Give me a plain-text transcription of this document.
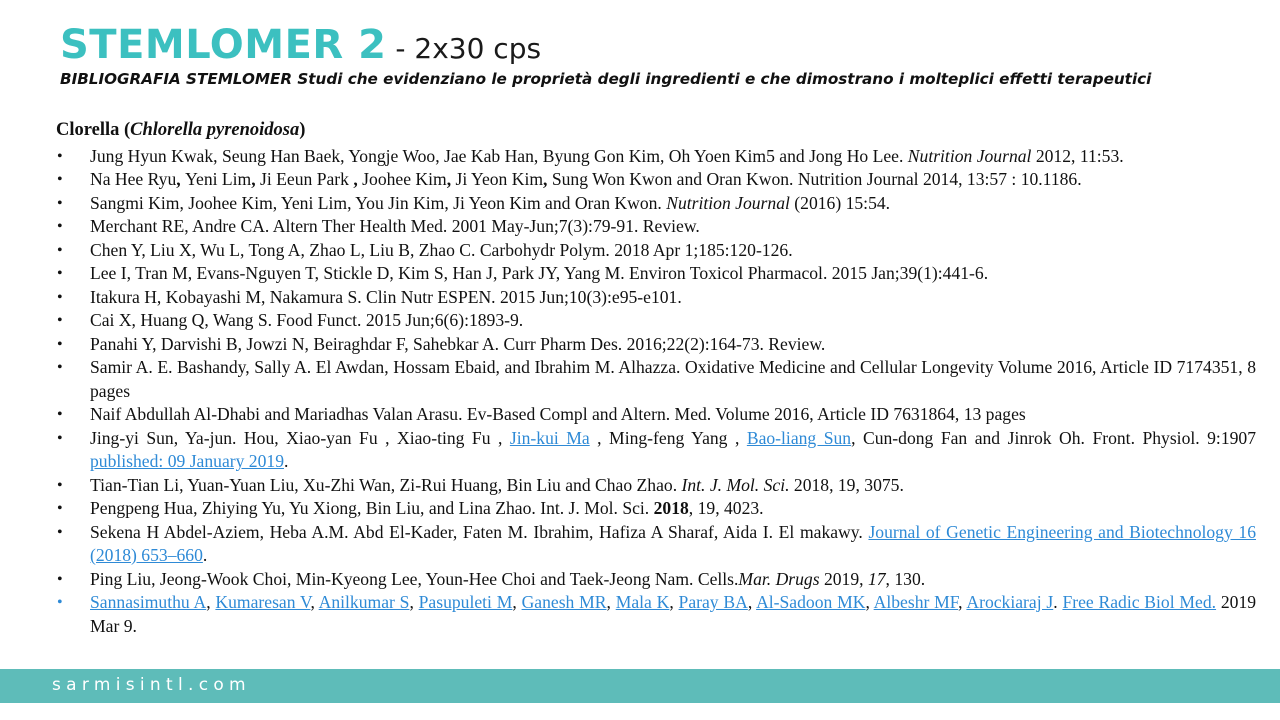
STEMLOMER 2 - 2x30 cps
BIBLIOGRAFIA STEMLOMER Studi che evidenziano le proprietà degli ingredienti e che dimostrano i molteplici effetti terapeutici
Clorella (Chlorella pyrenoidosa)
• Jung Hyun Kwak, Seung Han Baek, Yongje Woo, Jae Kab Han, Byung Gon Kim, Oh Yoen Kim5 and Jong Ho Lee. Nutrition Journal 2012, 11:53.
• Na Hee Ryu, Yeni Lim, Ji Eeun Park , Joohee Kim, Ji Yeon Kim, Sung Won Kwon and Oran Kwon. Nutrition Journal 2014, 13:57 : 10.1186.
• Sangmi Kim, Joohee Kim, Yeni Lim, You Jin Kim, Ji Yeon Kim and Oran Kwon. Nutrition Journal (2016) 15:54.
• Merchant RE, Andre CA. Altern Ther Health Med. 2001 May-Jun;7(3):79-91. Review.
• Chen Y, Liu X, Wu L, Tong A, Zhao L, Liu B, Zhao C. Carbohydr Polym. 2018 Apr 1;185:120-126.
• Lee I, Tran M, Evans-Nguyen T, Stickle D, Kim S, Han J, Park JY, Yang M. Environ Toxicol Pharmacol. 2015 Jan;39(1):441-6.
• Itakura H, Kobayashi M, Nakamura S. Clin Nutr ESPEN. 2015 Jun;10(3):e95-e101.
• Cai X, Huang Q, Wang S. Food Funct. 2015 Jun;6(6):1893-9.
• Panahi Y, Darvishi B, Jowzi N, Beiraghdar F, Sahebkar A. Curr Pharm Des. 2016;22(2):164-73. Review.
• Samir A. E. Bashandy, Sally A. El Awdan, Hossam Ebaid, and Ibrahim M. Alhazza. Oxidative Medicine and Cellular Longevity Volume 2016, Article ID 7174351, 8 pages
• Naif Abdullah Al-Dhabi and Mariadhas Valan Arasu. Ev-Based Compl and Altern. Med. Volume 2016, Article ID 7631864, 13 pages
• Jing-yi Sun, Ya-jun. Hou, Xiao-yan Fu , Xiao-ting Fu , Jin-kui Ma , Ming-feng Yang , Bao-liang Sun, Cun-dong Fan and Jinrok Oh. Front. Physiol. 9:1907 published: 09 January 2019.
• Tian-Tian Li, Yuan-Yuan Liu, Xu-Zhi Wan, Zi-Rui Huang, Bin Liu and Chao Zhao. Int. J. Mol. Sci. 2018, 19, 3075.
• Pengpeng Hua, Zhiying Yu, Yu Xiong, Bin Liu, and Lina Zhao. Int. J. Mol. Sci. 2018, 19, 4023.
• Sekena H Abdel-Aziem, Heba A.M. Abd El-Kader, Faten M. Ibrahim, Hafiza A Sharaf, Aida I. El makawy. Journal of Genetic Engineering and Biotechnology 16 (2018) 653–660.
• Ping Liu, Jeong-Wook Choi, Min-Kyeong Lee, Youn-Hee Choi and Taek-Jeong Nam. Cells.Mar. Drugs 2019, 17, 130.
• Sannasimuthu A, Kumaresan V, Anilkumar S, Pasupuleti M, Ganesh MR, Mala K, Paray BA, Al-Sadoon MK, Albeshr MF, Arockiaraj J. Free Radic Biol Med. 2019 Mar 9.
sarmisintl.com
